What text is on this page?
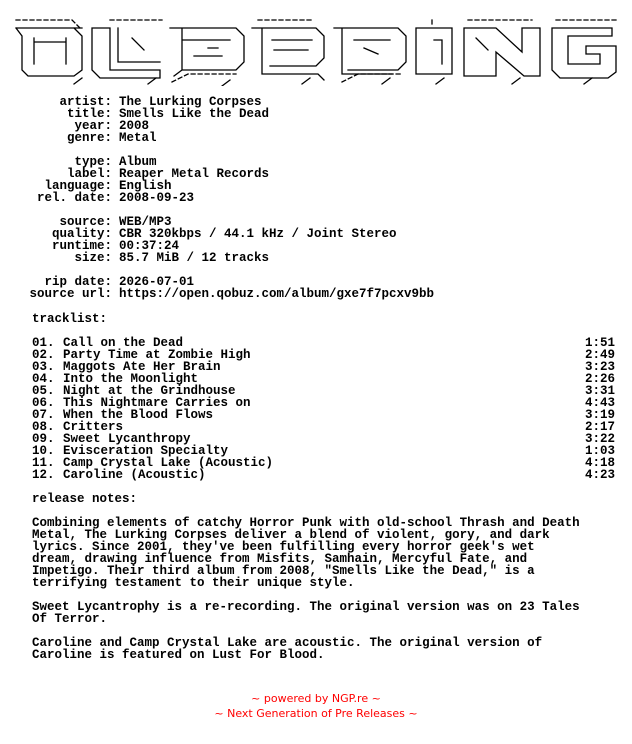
artist: The Lurking Corpses
title: Smells Like the Dead
year: 2008
genre: Metal
type: Album
label: Reaper Metal Records
language: English
rel. date: 2008-09-23
source: WEB/MP3
quality: CBR 320kbps / 44.1 kHz / Joint Stereo
runtime: 00:37:24
size: 85.7 MiB / 12 tracks
rip date: 2026-07-01
source url: https://open.qobuz.com/album/gxe7f7pcxv9bb
tracklist:
01. Call on the Dead	1:51
02. Party Time at Zombie High	2:49
03. Maggots Ate Her Brain	3:23
04. Into the Moonlight	2:26
05. Night at the Grindhouse	3:31
06. This Nightmare Carries on	4:43
07. When the Blood Flows	3:19
08. Critters	2:17
09. Sweet Lycanthropy	3:22
10. Evisceration Specialty	1:03
11. Camp Crystal Lake (Acoustic)	4:18
12. Caroline (Acoustic)	4:23
release notes:
Combining elements of catchy Horror Punk with old-school Thrash and Death
Metal, The Lurking Corpses deliver a blend of violent, gory, and dark
lyrics. Since 2001, they've been fulfilling every horror geek's wet
dream, drawing influence from Misfits, Samhain, Mercyful Fate, and
Impetigo. Their third album from 2008, "Smells Like the Dead," is a
terrifying testament to their unique style.
Sweet Lycantrophy is a re-recording. The original version was on 23 Tales
Of Terror.
Caroline and Camp Crystal Lake are acoustic. The original version of
Caroline is featured on Lust For Blood.
~ powered by NGP.re ~
~ Next Generation of Pre Releases ~
